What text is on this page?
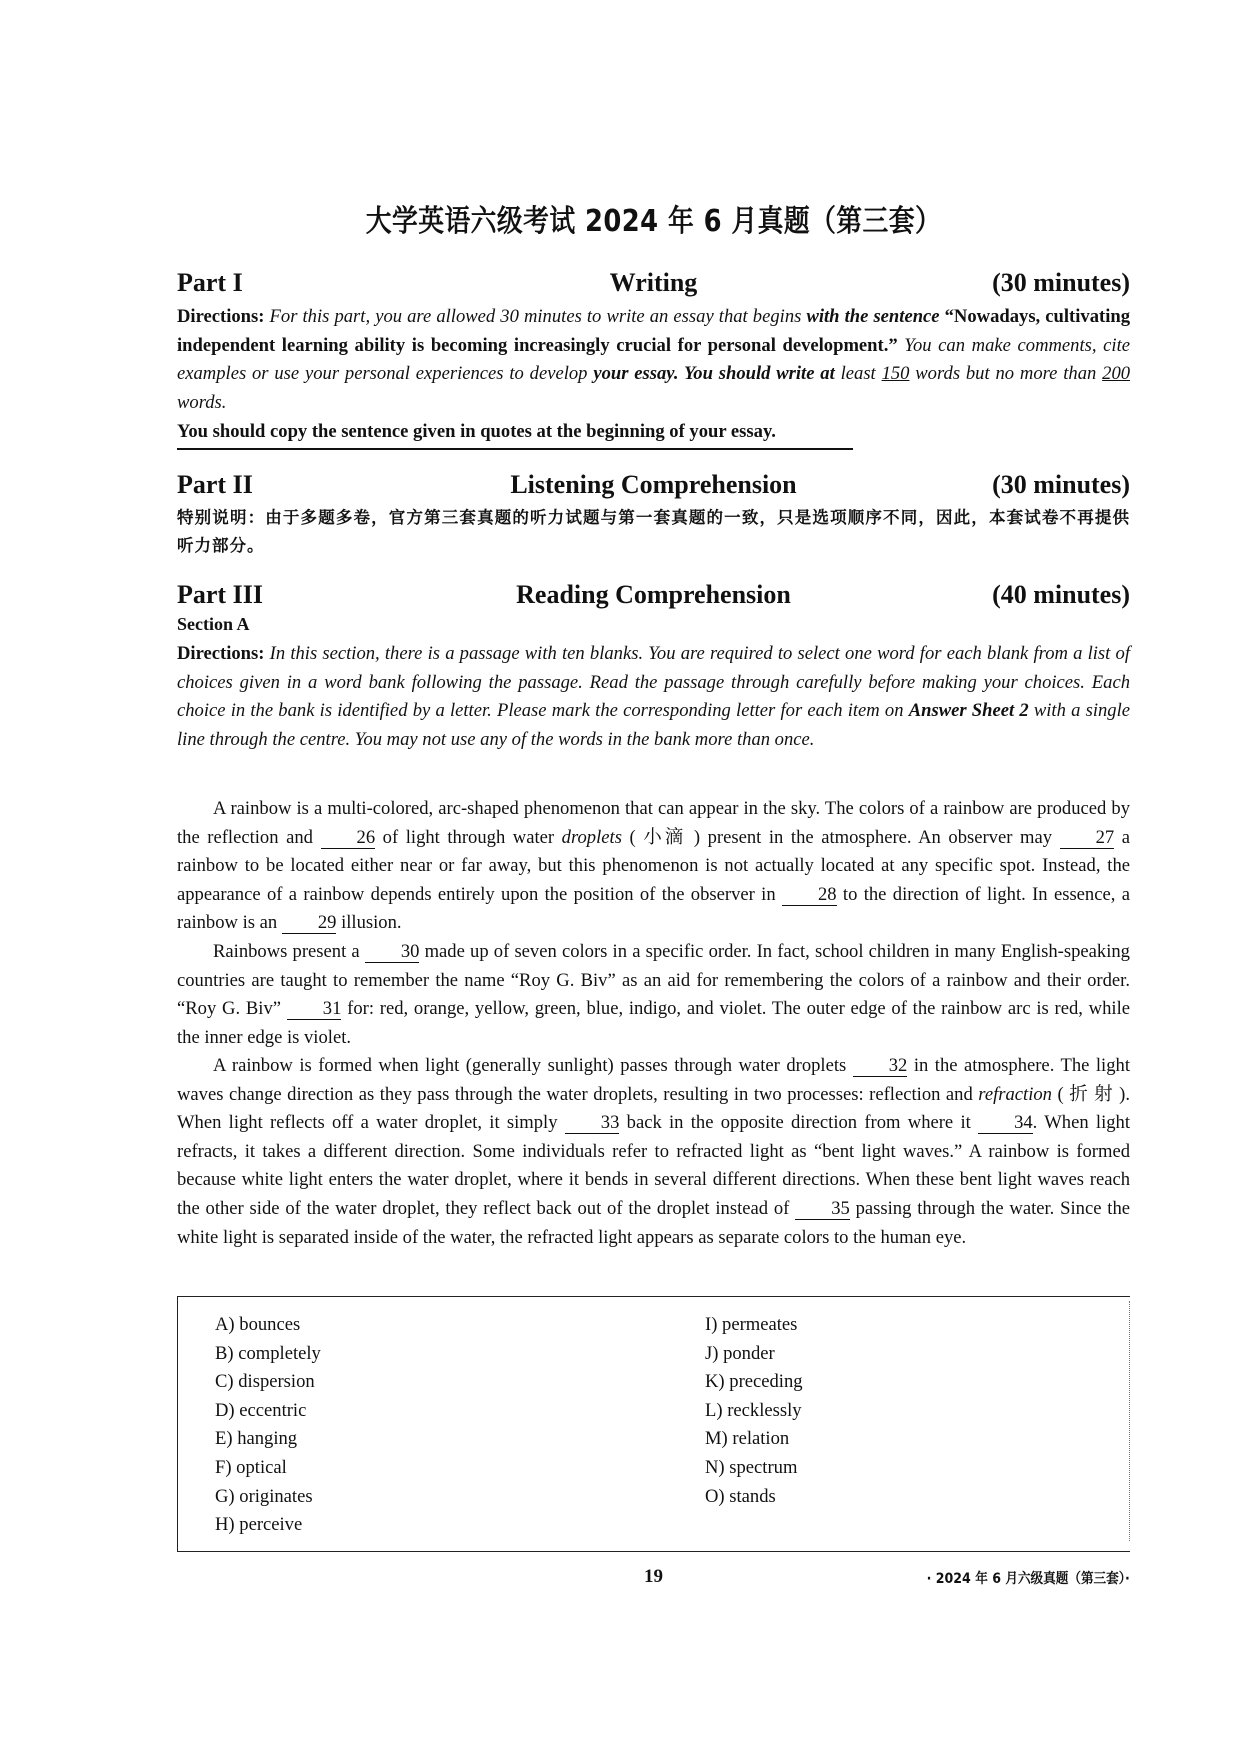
大学英语六级考试 2024 年 6 月真题（第三套）
Part I	Writing	(30 minutes)
Directions: For this part, you are allowed 30 minutes to write an essay that begins with the sentence “Nowadays, cultivating independent learning ability is becoming increasingly crucial for personal development.” You can make comments, cite examples or use your personal experiences to develop your essay. You should write at least 150 words but no more than 200 words.
You should copy the sentence given in quotes at the beginning of your essay.
Part II	Listening Comprehension	(30 minutes)
特别说明：由于多题多卷，官方第三套真题的听力试题与第一套真题的一致，只是选项顺序不同，因此，本套试卷不再提供听力部分。
Part III	Reading Comprehension	(40 minutes)
Section A
Directions: In this section, there is a passage with ten blanks. You are required to select one word for each blank from a list of choices given in a word bank following the passage. Read the passage through carefully before making your choices. Each choice in the bank is identified by a letter. Please mark the corresponding letter for each item on Answer Sheet 2 with a single line through the centre. You may not use any of the words in the bank more than once.
A rainbow is a multi-colored, arc-shaped phenomenon that can appear in the sky. The colors of a rainbow are produced by the reflection and 26 of light through water droplets ( 小滴 ) present in the atmosphere. An observer may 27 a rainbow to be located either near or far away, but this phenomenon is not actually located at any specific spot. Instead, the appearance of a rainbow depends entirely upon the position of the observer in 28 to the direction of light. In essence, a rainbow is an 29 illusion.
Rainbows present a 30 made up of seven colors in a specific order. In fact, school children in many English-speaking countries are taught to remember the name “Roy G. Biv” as an aid for remembering the colors of a rainbow and their order. “Roy G. Biv” 31 for: red, orange, yellow, green, blue, indigo, and violet. The outer edge of the rainbow arc is red, while the inner edge is violet.
A rainbow is formed when light (generally sunlight) passes through water droplets 32 in the atmosphere. The light waves change direction as they pass through the water droplets, resulting in two processes: reflection and refraction ( 折 射 ). When light reflects off a water droplet, it simply 33 back in the opposite direction from where it 34. When light refracts, it takes a different direction. Some individuals refer to refracted light as “bent light waves.” A rainbow is formed because white light enters the water droplet, where it bends in several different directions. When these bent light waves reach the other side of the water droplet, they reflect back out of the droplet instead of 35 passing through the water. Since the white light is separated inside of the water, the refracted light appears as separate colors to the human eye.
A) bounces
B) completely
C) dispersion
D) eccentric
E) hanging
F) optical
G) originates
H) perceive
I) permeates
J) ponder
K) preceding
L) recklessly
M) relation
N) spectrum
O) stands
19	· 2024 年 6 月六级真题（第三套）·
